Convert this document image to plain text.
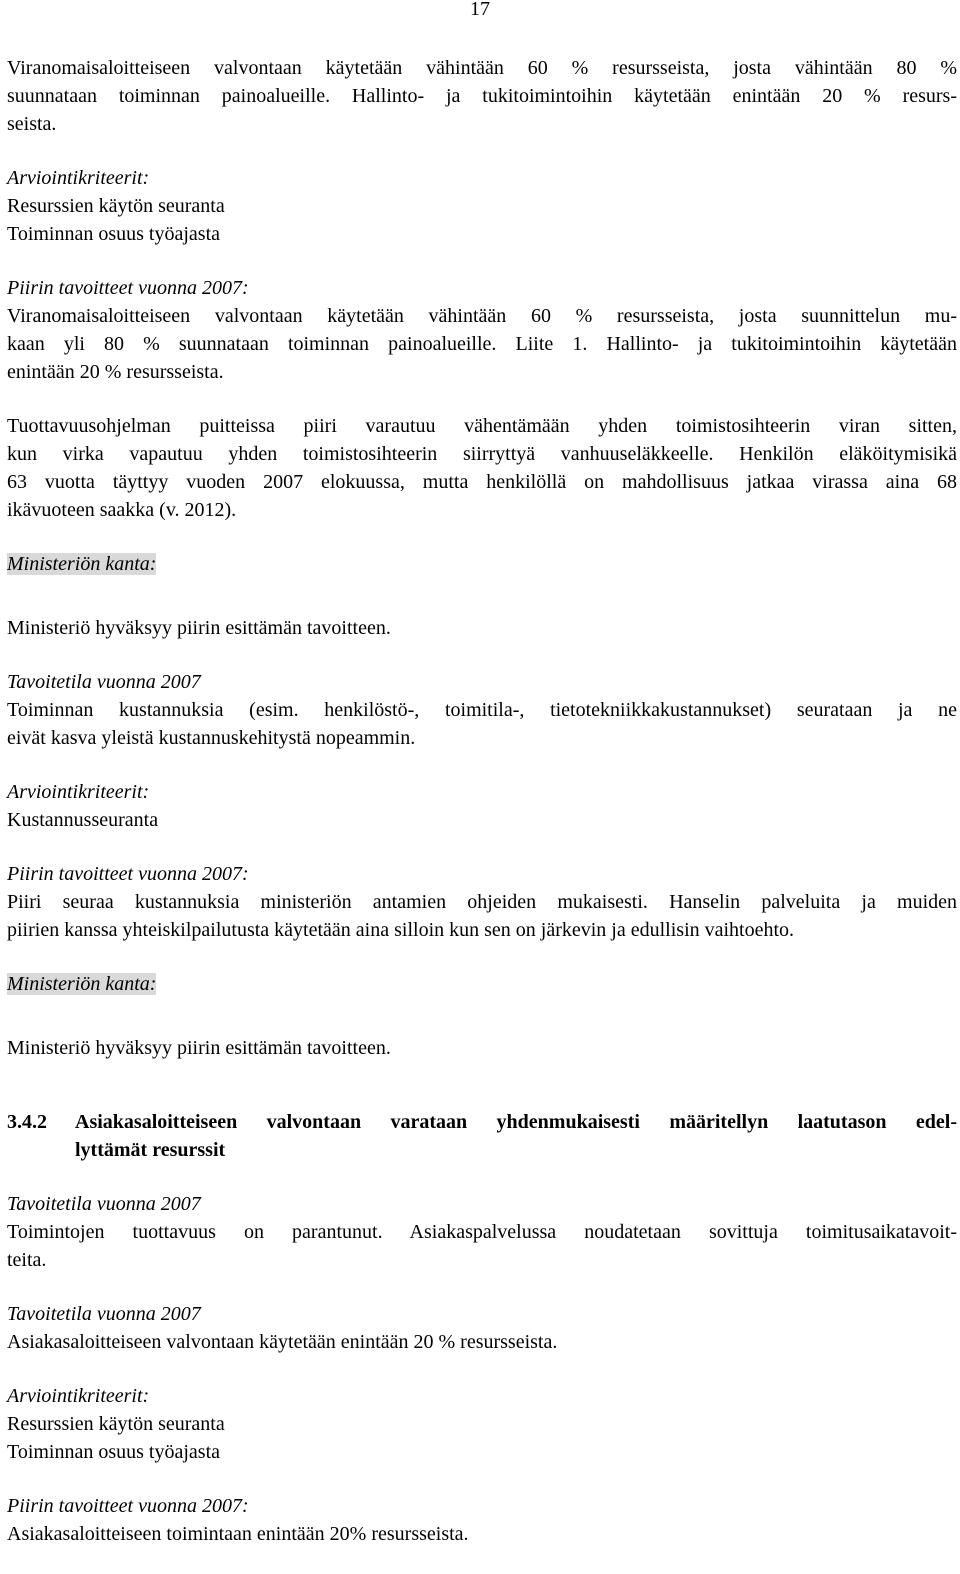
17
Viranomaisaloitteiseen valvontaan käytetään vähintään 60 % resursseista, josta vähintään 80 %
suunnataan toiminnan painoalueille. Hallinto- ja tukitoimintoihin käytetään enintään 20 % resurs-
seista.
Arviointikriteerit:
Resurssien käytön seuranta
Toiminnan osuus työajasta
Piirin tavoitteet vuonna 2007:
Viranomaisaloitteiseen valvontaan käytetään vähintään 60 % resursseista, josta suunnittelun mu-
kaan yli 80 % suunnataan toiminnan painoalueille. Liite 1. Hallinto- ja tukitoimintoihin käytetään
enintään 20 % resursseista.
Tuottavuusohjelman puitteissa piiri varautuu vähentämään yhden toimistosihteerin viran sitten,
kun virka vapautuu yhden toimistosihteerin siirryttyä vanhuuseläkkeelle. Henkilön eläköitymisikä
63 vuotta täyttyy vuoden 2007 elokuussa, mutta henkilöllä on mahdollisuus jatkaa virassa aina 68
ikävuoteen saakka (v. 2012).
Ministeriön kanta:
Ministeriö hyväksyy piirin esittämän tavoitteen.
Tavoitetila vuonna 2007
Toiminnan kustannuksia (esim. henkilöstö-, toimitila-, tietotekniikkakustannukset) seurataan ja ne
eivät kasva yleistä kustannuskehitystä nopeammin.
Arviointikriteerit:
Kustannusseuranta
Piirin tavoitteet vuonna 2007:
Piiri seuraa kustannuksia ministeriön antamien ohjeiden mukaisesti. Hanselin palveluita ja muiden
piirien kanssa yhteiskilpailutusta käytetään aina silloin kun sen on järkevin ja edullisin vaihtoehto.
Ministeriön kanta:
Ministeriö hyväksyy piirin esittämän tavoitteen.
3.4.2	Asiakasaloitteiseen valvontaan varataan yhdenmukaisesti määritellyn laatutason edel-
lyttämät resurssit
Tavoitetila vuonna 2007
Toimintojen tuottavuus on parantunut. Asiakaspalvelussa noudatetaan sovittuja toimitusaikatavoit-
teita.
Tavoitetila vuonna 2007
Asiakasaloitteiseen valvontaan käytetään enintään 20 % resursseista.
Arviointikriteerit:
Resurssien käytön seuranta
Toiminnan osuus työajasta
Piirin tavoitteet vuonna 2007:
Asiakasaloitteiseen toimintaan enintään 20% resursseista.
